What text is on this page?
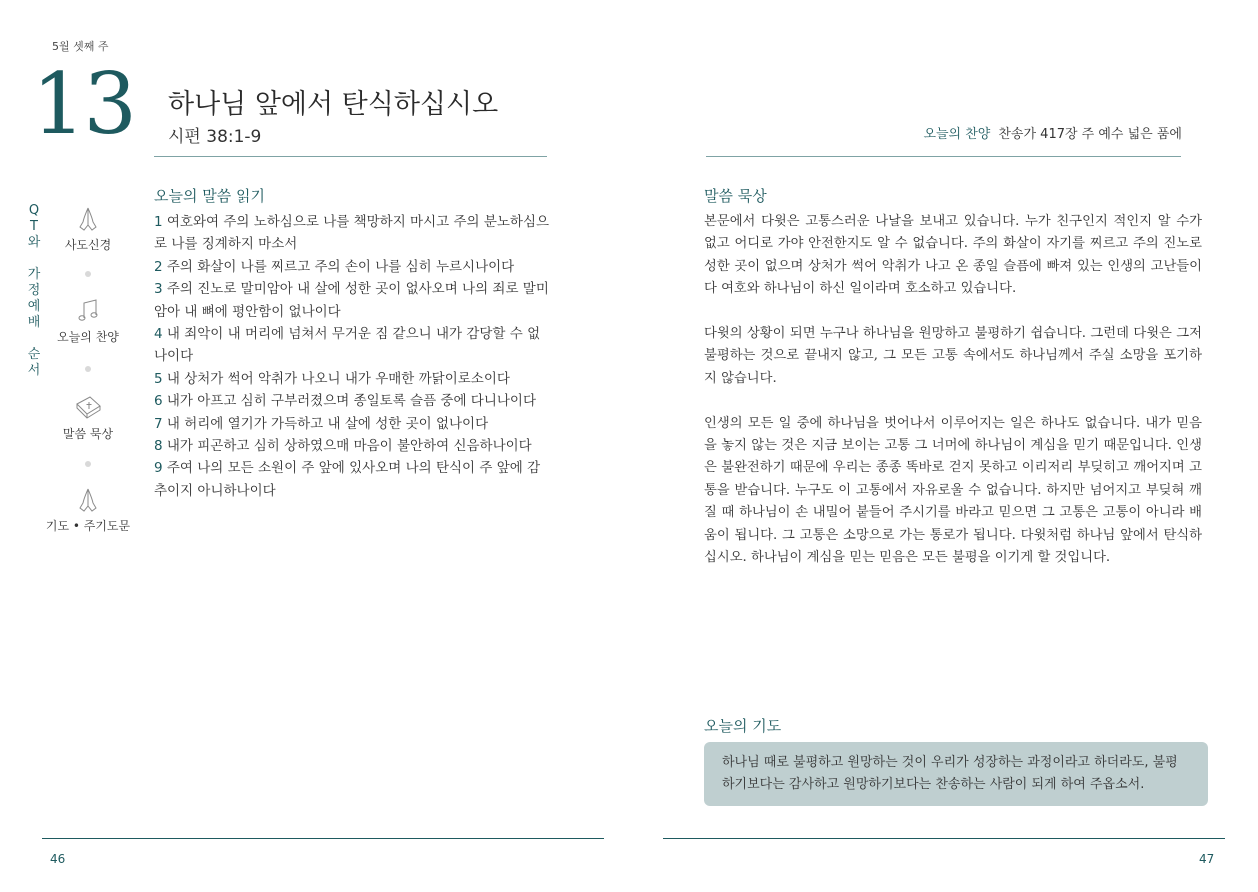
5월 셋째 주
13 하나님 앞에서 탄식하십시오
시편 38:1-9
Q
T
와
가
정
예
배
순
서
사도신경
오늘의 찬양
말씀 묵상
기도 • 주기도문
오늘의 말씀 읽기

1 여호와여 주의 노하심으로 나를 책망하지 마시고 주의 분노하심으로 나를 징계하지 마소서

2 주의 화살이 나를 찌르고 주의 손이 나를 심히 누르시나이다

3 주의 진노로 말미암아 내 살에 성한 곳이 없사오며 나의 죄로 말미암아 내 뼈에 평안함이 없나이다

4 내 죄악이 내 머리에 넘쳐서 무거운 짐 같으니 내가 감당할 수 없나이다

5 내 상처가 썩어 악취가 나오니 내가 우매한 까닭이로소이다

6 내가 아프고 심히 구부러졌으며 종일토록 슬픔 중에 다니나이다

7 내 허리에 열기가 가득하고 내 살에 성한 곳이 없나이다

8 내가 피곤하고 심히 상하였으매 마음이 불안하여 신음하나이다

9 주여 나의 모든 소원이 주 앞에 있사오며 나의 탄식이 주 앞에 감추이지 아니하나이다

46
오늘의 찬양 찬송가 417장 주 예수 넓은 품에
말씀 묵상

본문에서 다윗은 고통스러운 나날을 보내고 있습니다. 누가 친구인지 적인지 알 수가 없고 어디로 가야 안전한지도 알 수 없습니다. 주의 화살이 자기를 찌르고 주의 진노로 성한 곳이 없으며 상처가 썩어 악취가 나고 온 종일 슬픔에 빠져 있는 인생의 고난들이 다 여호와 하나님이 하신 일이라며 호소하고 있습니다.

다윗의 상황이 되면 누구나 하나님을 원망하고 불평하기 쉽습니다. 그런데 다윗은 그저 불평하는 것으로 끝내지 않고, 그 모든 고통 속에서도 하나님께서 주실 소망을 포기하지 않습니다.

인생의 모든 일 중에 하나님을 벗어나서 이루어지는 일은 하나도 없습니다. 내가 믿음을 놓지 않는 것은 지금 보이는 고통 그 너머에 하나님이 계심을 믿기 때문입니다. 인생은 불완전하기 때문에 우리는 종종 똑바로 걷지 못하고 이리저리 부딪히고 깨어지며 고통을 받습니다. 누구도 이 고통에서 자유로울 수 없습니다. 하지만 넘어지고 부딪혀 깨질 때 하나님이 손 내밀어 붙들어 주시기를 바라고 믿으면 그 고통은 고통이 아니라 배움이 됩니다. 그 고통은 소망으로 가는 통로가 됩니다. 다윗처럼 하나님 앞에서 탄식하십시오. 하나님이 계심을 믿는 믿음은 모든 불평을 이기게 할 것입니다.

오늘의 기도
하나님 때로 불평하고 원망하는 것이 우리가 성장하는 과정이라고 하더라도, 불평하기보다는 감사하고 원망하기보다는 찬송하는 사람이 되게 하여 주옵소서.
47
